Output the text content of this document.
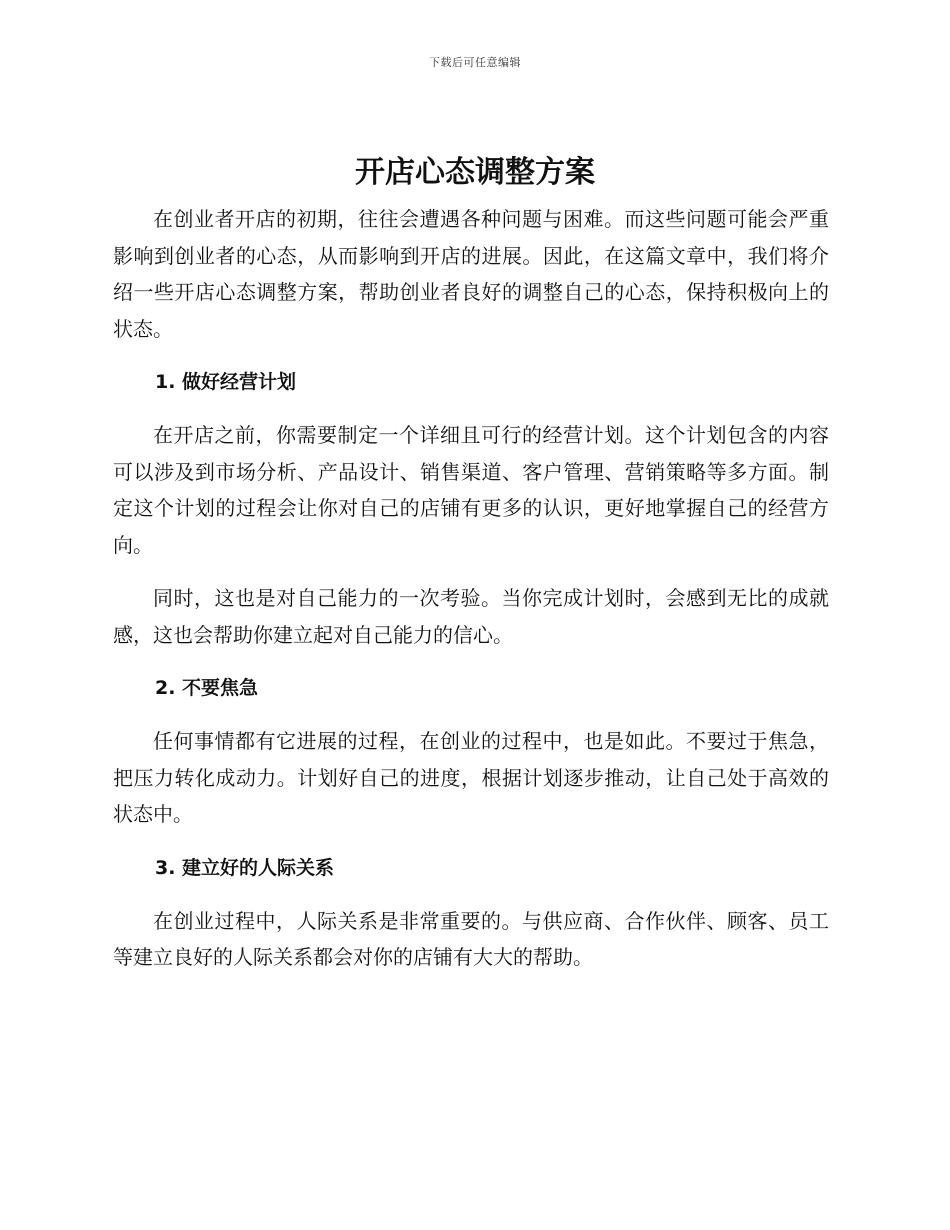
下载后可任意编辑
开店心态调整方案

在创业者开店的初期，往往会遭遇各种问题与困难。而这些问题可能会严重影响到创业者的心态，从而影响到开店的进展。因此，在这篇文章中，我们将介绍一些开店心态调整方案，帮助创业者良好的调整自己的心态，保持积极向上的状态。

1. 做好经营计划

在开店之前，你需要制定一个详细且可行的经营计划。这个计划包含的内容可以涉及到市场分析、产品设计、销售渠道、客户管理、营销策略等多方面。制定这个计划的过程会让你对自己的店铺有更多的认识，更好地掌握自己的经营方向。

同时，这也是对自己能力的一次考验。当你完成计划时，会感到无比的成就感，这也会帮助你建立起对自己能力的信心。

2. 不要焦急

任何事情都有它进展的过程，在创业的过程中，也是如此。不要过于焦急，把压力转化成动力。计划好自己的进度，根据计划逐步推动，让自己处于高效的状态中。

3. 建立好的人际关系

在创业过程中，人际关系是非常重要的。与供应商、合作伙伴、顾客、员工等建立良好的人际关系都会对你的店铺有大大的帮助。
